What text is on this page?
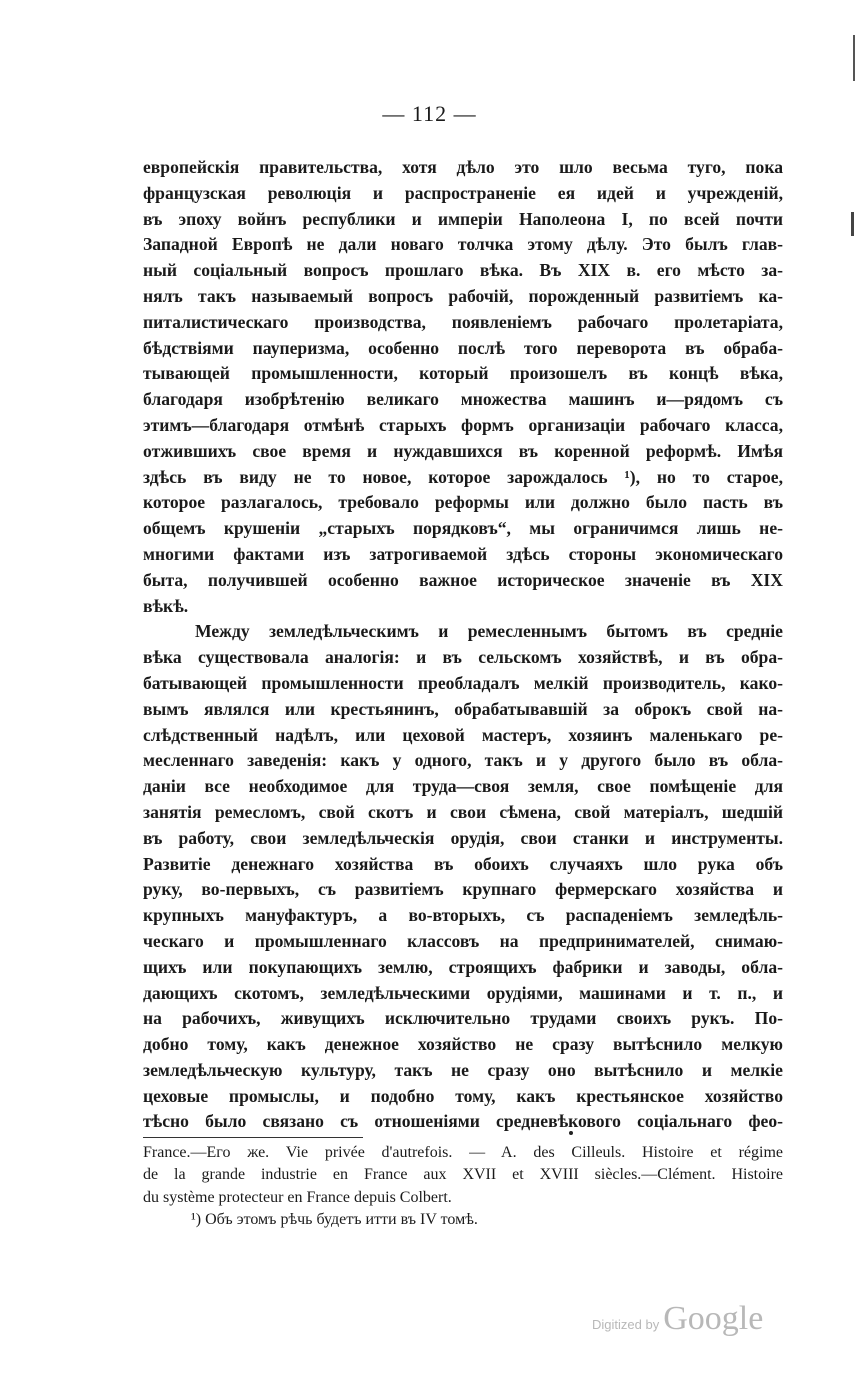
— 112 —
европейскія правительства, хотя дѣло это шло весьма туго, пока
французская революція и распространеніе ея идей и учрежденій,
въ эпоху войнъ республики и имперіи Наполеона I, по всей почти
Западной Европѣ не дали новаго толчка этому дѣлу. Это былъ глав-
ный соціальный вопросъ прошлаго вѣка. Въ XIX в. его мѣсто за-
нялъ такъ называемый вопросъ рабочій, порожденный развитіемъ ка-
питалистическаго производства, появленіемъ рабочаго пролетаріата,
бѣдствіями пауперизма, особенно послѣ того переворота въ обраба-
тывающей промышленности, который произошелъ въ концѣ вѣка,
благодаря изобрѣтенію великаго множества машинъ и—рядомъ съ
этимъ—благодаря отмѣнѣ старыхъ формъ организаціи рабочаго класса,
отжившихъ свое время и нуждавшихся въ коренной реформѣ. Имѣя
здѣсь въ виду не то новое, которое зарождалось ¹), но то старое,
которое разлагалось, требовало реформы или должно было пасть въ
общемъ крушеніи „старыхъ порядковъ“, мы ограничимся лишь не-
многими фактами изъ затрогиваемой здѣсь стороны экономическаго
быта, получившей особенно важное историческое значеніе въ XIX
вѣкѣ.
Между земледѣльческимъ и ремесленнымъ бытомъ въ средніе
вѣка существовала аналогія: и въ сельскомъ хозяйствѣ, и въ обра-
батывающей промышленности преобладалъ мелкій производитель, како-
вымъ являлся или крестьянинъ, обрабатывавшій за оброкъ свой на-
слѣдственный надѣлъ, или цеховой мастеръ, хозяинъ маленькаго ре-
месленнаго заведенія: какъ у одного, такъ и у другого было въ обла-
даніи все необходимое для труда—своя земля, свое помѣщеніе для
занятія ремесломъ, свой скотъ и свои сѣмена, свой матеріалъ, шедшій
въ работу, свои земледѣльческія орудія, свои станки и инструменты.
Развитіе денежнаго хозяйства въ обоихъ случаяхъ шло рука объ
руку, во-первыхъ, съ развитіемъ крупнаго фермерскаго хозяйства и
крупныхъ мануфактуръ, а во-вторыхъ, съ распаденіемъ земледѣль-
ческаго и промышленнаго классовъ на предпринимателей, снимаю-
щихъ или покупающихъ землю, строящихъ фабрики и заводы, обла-
дающихъ скотомъ, земледѣльческими орудіями, машинами и т. п., и
на рабочихъ, живущихъ исключительно трудами своихъ рукъ. По-
добно тому, какъ денежное хозяйство не сразу вытѣснило мелкую
земледѣльческую культуру, такъ не сразу оно вытѣснило и мелкіе
цеховые промыслы, и подобно тому, какъ крестьянское хозяйство
тѣсно было связано съ отношеніями средневѣкового соціальнаго фео-
France.—Его же. Vie privée d'autrefois. — A. des Cilleuls. Histoire et régime
de la grande industrie en France aux XVII et XVIII siècles.—Clément. Histoire
du système protecteur en France depuis Colbert.
¹) Объ этомъ рѣчь будетъ итти въ IV томѣ.
Digitized by Google
